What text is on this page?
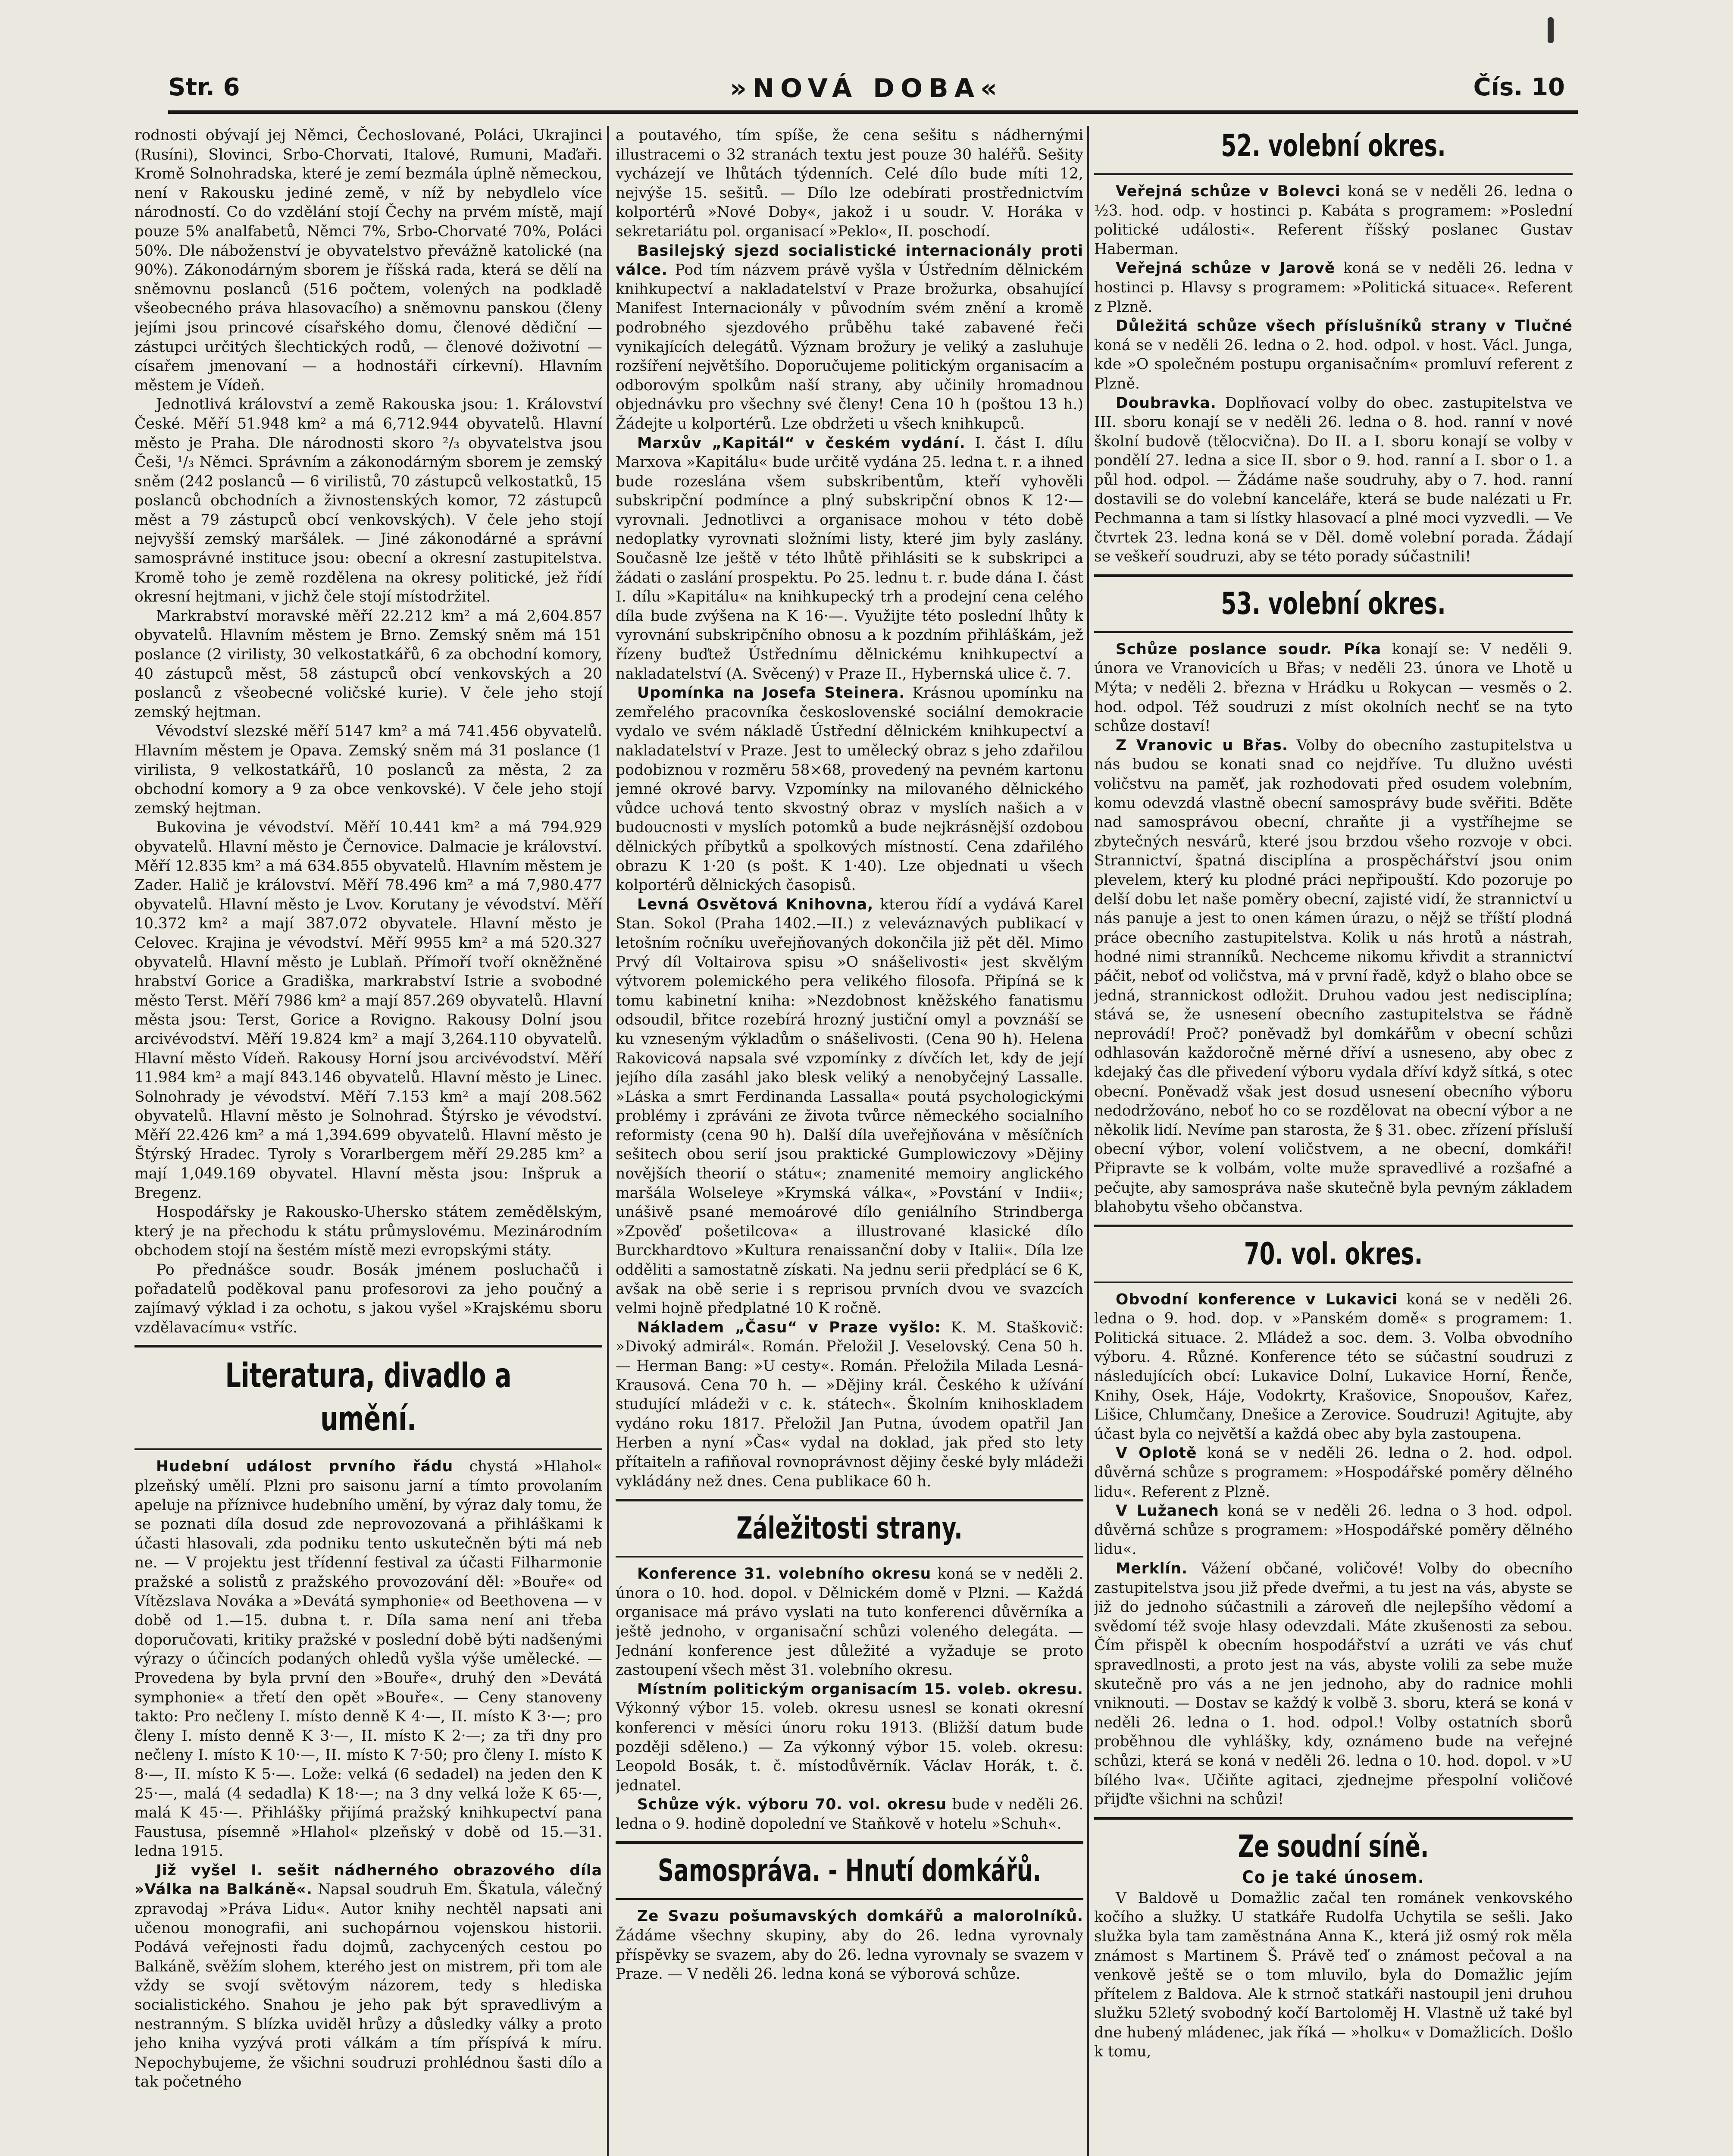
Str. 6	»NOVÁ DOBA«	Čís. 10

rodnosti obývají jej Němci, Čechoslované, Poláci, Ukrajinci (Rusíni), Slovinci, Srbo-Chorvati, Italové, Rumuni, Maďaři. Kromě Solnohradska, které je zemí bezmála úplně německou, není v Rakousku jediné země, v níž by nebydlelo více národností. Co do vzdělání stojí Čechy na prvém místě, mají pouze 5% analfabetů, Němci 7%, Srbo-Chorvaté 70%, Poláci 50%. Dle náboženství je obyvatelstvo převážně katolické (na 90%). Zákonodárným sborem je říšská rada, která se dělí na sněmovnu poslanců (516 počtem, volených na podkladě všeobecného práva hlasovacího) a sněmovnu panskou (členy jejími jsou princové císařského domu, členové dědiční — zástupci určitých šlechtických rodů, — členové doživotní — císařem jmenovaní — a hodnostáři církevní). Hlavním městem je Vídeň.

Jednotlivá království a země Rakouska jsou: 1. Království České. Měří 51.948 km² a má 6,712.944 obyvatelů. Hlavní město je Praha. Dle národnosti skoro ²/₃ obyvatelstva jsou Češi, ¹/₃ Němci. Správním a zákonodárným sborem je zemský sněm (242 poslanců — 6 virilistů, 70 zástupců velkostatků, 15 poslanců obchodních a živnostenských komor, 72 zástupců měst a 79 zástupců obcí venkovských). V čele jeho stojí nejvyšší zemský maršálek. — Jiné zákonodárné a správní samosprávné instituce jsou: obecní a okresní zastupitelstva. Kromě toho je země rozdělena na okresy politické, jež řídí okresní hejtmani, v jichž čele stojí místodržitel.

Markrabství moravské měří 22.212 km² a má 2,604.857 obyvatelů. Hlavním městem je Brno. Zemský sněm má 151 poslance (2 virilisty, 30 velkostatkářů, 6 za obchodní komory, 40 zástupců měst, 58 zástupců obcí venkovských a 20 poslanců z všeobecné voličské kurie). V čele jeho stojí zemský hejtman.

Vévodství slezské měří 5147 km² a má 741.456 obyvatelů. Hlavním městem je Opava. Zemský sněm má 31 poslance (1 virilista, 9 velkostatkářů, 10 poslanců za města, 2 za obchodní komory a 9 za obce venkovské). V čele jeho stojí zemský hejtman.

Bukovina je vévodství. Měří 10.441 km² a má 794.929 obyvatelů. Hlavní město je Černovice. Dalmacie je království. Měří 12.835 km² a má 634.855 obyvatelů. Hlavním městem je Zader. Halič je království. Měří 78.496 km² a má 7,980.477 obyvatelů. Hlavní město je Lvov. Korutany je vévodství. Měří 10.372 km² a mají 387.072 obyvatele. Hlavní město je Celovec. Krajina je vévodství. Měří 9955 km² a má 520.327 obyvatelů. Hlavní město je Lublaň. Přímoří tvoří okněžněné hrabství Gorice a Gradiška, markrabství Istrie a svobodné město Terst. Měří 7986 km² a mají 857.269 obyvatelů. Hlavní města jsou: Terst, Gorice a Rovigno. Rakousy Dolní jsou arcivévodství. Měří 19.824 km² a mají 3,264.110 obyvatelů. Hlavní město Vídeň. Rakousy Horní jsou arcivévodství. Měří 11.984 km² a mají 843.146 obyvatelů. Hlavní město je Linec. Solnohrady je vévodství. Měří 7.153 km² a mají 208.562 obyvatelů. Hlavní město je Solnohrad. Štýrsko je vévodství. Měří 22.426 km² a má 1,394.699 obyvatelů. Hlavní město je Štýrský Hradec. Tyroly s Vorarlbergem měří 29.285 km² a mají 1,049.169 obyvatel. Hlavní města jsou: Inšpruk a Bregenz.

Hospodářsky je Rakousko-Uhersko státem zemědělským, který je na přechodu k státu průmyslovému. Mezinárodním obchodem stojí na šestém místě mezi evropskými státy.

Po přednášce soudr. Bosák jménem posluchačů i pořadatelů poděkoval panu profesorovi za jeho poučný a zajímavý výklad i za ochotu, s jakou vyšel »Krajskému sboru vzdělavacímu« vstříc.

Literatura, divadlo a umění.

Hudební událost prvního řádu chystá »Hlahol« plzeňský umělí. Plzni pro saisonu jarní a tímto provolaním apeluje na příznivce hudebního umění, by výraz daly tomu, že se poznati díla dosud zde neprovozovaná a přihláškami k účasti hlasovali, zda podniku tento uskutečněn býti má neb ne. — V projektu jest třídenní festival za účasti Filharmonie pražské a solistů z pražského provozování děl: »Bouře« od Vítězslava Nováka a »Devátá symphonie« od Beethovena — v době od 1.—15. dubna t. r. Díla sama není ani třeba doporučovati, kritiky pražské v poslední době býti nadšenými výrazy o účincích podaných ohledů vyšla výše umělecké. — Provedena by byla první den »Bouře«, druhý den »Devátá symphonie« a třetí den opět »Bouře«. — Ceny stanoveny takto: Pro nečleny I. místo denně K 4·—, II. místo K 3·—; pro členy I. místo denně K 3·—, II. místo K 2·—; za tři dny pro nečleny I. místo K 10·—, II. místo K 7·50; pro členy I. místo K 8·—, II. místo K 5·—. Lože: velká (6 sedadel) na jeden den K 25·—, malá (4 sedadla) K 18·—; na 3 dny velká lože K 65·—, malá K 45·—. Přihlášky přijímá pražský knihkupectví pana Faustusa, písemně »Hlahol« plzeňský v době od 15.—31. ledna 1915.

Již vyšel I. sešit nádherného obrazového díla »Válka na Balkáně«. Napsal soudruh Em. Škatula, válečný zpravodaj »Práva Lidu«. Autor knihy nechtěl napsati ani učenou monografii, ani suchopárnou vojenskou historii. Podává veřejnosti řadu dojmů, zachycených cestou po Balkáně, svěžím slohem, kterého jest on mistrem, při tom ale vždy se svojí světovým názorem, tedy s hlediska socialistického. Snahou je jeho pak být spravedlivým a nestranným. S blízka uviděl hrůzy a důsledky války a proto jeho kniha vyzývá proti válkám a tím příspívá k míru. Nepochybujeme, že všichni soudruzi prohlédnou šasti dílo a tak početného

a poutavého, tím spíše, že cena sešitu s nádhernými illustracemi o 32 stranách textu jest pouze 30 haléřů. Sešity vycházejí ve lhůtách týdenních. Celé dílo bude míti 12, nejvýše 15. sešitů. — Dílo lze odebírati prostřednictvím kolportérů »Nové Doby«, jakož i u soudr. V. Horáka v sekretariátu pol. organisací »Peklo«, II. poschodí.

Basilejský sjezd socialistické internacionály proti válce. Pod tím názvem právě vyšla v Ústředním dělnickém knihkupectví a nakladatelství v Praze brožurka, obsahující Manifest Internacionály v původním svém znění a kromě podrobného sjezdového průběhu také zabavené řeči vynikajících delegátů. Význam brožury je veliký a zasluhuje rozšíření největšího. Doporučujeme politickým organisacím a odborovým spolkům naší strany, aby učinily hromadnou objednávku pro všechny své členy! Cena 10 h (poštou 13 h.) Žádejte u kolportérů. Lze obdržeti u všech knihkupců.

Marxův „Kapitál“ v českém vydání. I. část I. dílu Marxova »Kapitálu« bude určitě vydána 25. ledna t. r. a ihned bude rozeslána všem subskribentům, kteří vyhověli subskripční podmínce a plný subskripční obnos K 12·— vyrovnali. Jednotlivci a organisace mohou v této době nedoplatky vyrovnati složními listy, které jim byly zaslány. Současně lze ještě v této lhůtě přihlásiti se k subskripci a žádati o zaslání prospektu. Po 25. lednu t. r. bude dána I. část I. dílu »Kapitálu« na knihkupecký trh a prodejní cena celého díla bude zvýšena na K 16·—. Využijte této poslední lhůty k vyrovnání subskripčního obnosu a k pozdním přihláškám, jež řízeny buďtež Ústřednímu dělnickému knihkupectví a nakladatelství (A. Svěcený) v Praze II., Hybernská ulice č. 7.

Upomínka na Josefa Steinera. Krásnou upomínku na zemřelého pracovníka československé sociální demokracie vydalo ve svém nákladě Ústřední dělnickém knihkupectví a nakladatelství v Praze. Jest to umělecký obraz s jeho zdařilou podobiznou v rozměru 58×68, provedený na pevném kartonu jemné okrové barvy. Vzpomínky na milovaného dělnického vůdce uchová tento skvostný obraz v myslích našich a v budoucnosti v myslích potomků a bude nejkrásnější ozdobou dělnických příbytků a spolkových místností. Cena zdařilého obrazu K 1·20 (s pošt. K 1·40). Lze objednati u všech kolportérů dělnických časopisů.

Levná Osvětová Knihovna, kterou řídí a vydává Karel Stan. Sokol (Praha 1402.—II.) z veleváznavých publikací v letošním ročníku uveřejňovaných dokončila již pět děl. Mimo Prvý díl Voltairova spisu »O snášelivosti« jest skvělým výtvorem polemického pera velikého filosofa. Připíná se k tomu kabinetní kniha: »Nezdobnost kněžského fanatismu odsoudil, břitce rozebírá hrozný justiční omyl a povznáší se ku vzneseným výkladům o snášelivosti. (Cena 90 h). Helena Rakovicová napsala své vzpomínky z dívčích let, kdy de její jejího díla zasáhl jako blesk veliký a nenobyčejný Lassalle. »Láska a smrt Ferdinanda Lassalla« poutá psychologickými problémy i zpráváni ze života tvůrce německého socialního reformisty (cena 90 h). Další díla uveřejňována v měsíčních sešitech obou serií jsou praktické Gumplowiczovy »Dějiny novějších theorií o státu«; znamenité memoiry anglického maršála Wolseleye »Krymská válka«, »Povstání v Indii«; unášivě psané memoárové dílo geniálního Strindberga »Zpověď pošetilcova« a illustrované klasické dílo Burckhardtovo »Kultura renaissanční doby v Italii«. Díla lze odděliti a samostatně získati. Na jednu serii předplácí se 6 K, avšak na obě serie i s reprisou prvních dvou ve svazcích velmi hojně předplatné 10 K ročně.

Nákladem „Času“ v Praze vyšlo: K. M. Staškovič: »Divoký admirál«. Román. Přeložil J. Veselovský. Cena 50 h. — Herman Bang: »U cesty«. Román. Přeložila Milada Lesná-Krausová. Cena 70 h. — »Dějiny král. Českého k užívání studující mládeži v c. k. státech«. Školním knihoskladem vydáno roku 1817. Přeložil Jan Putna, úvodem opatřil Jan Herben a nyní »Čas« vydal na doklad, jak před sto lety přítaiteln a rafiňoval rovnoprávnost dějiny české byly mládeži vykládány než dnes. Cena publikace 60 h.

Záležitosti strany.

Konference 31. volebního okresu koná se v neděli 2. února o 10. hod. dopol. v Dělnickém domě v Plzni. — Každá organisace má právo vyslati na tuto konferenci důvěrníka a ještě jednoho, v organisační schůzi voleného delegáta. — Jednání konference jest důležité a vyžaduje se proto zastoupení všech měst 31. volebního okresu.

Místním politickým organisacím 15. voleb. okresu. Výkonný výbor 15. voleb. okresu usnesl se konati okresní konferenci v měsíci únoru roku 1913. (Bližší datum bude později sděleno.) — Za výkonný výbor 15. voleb. okresu: Leopold Bosák, t. č. místodůvěrník. Václav Horák, t. č. jednatel.

Schůze výk. výboru 70. vol. okresu bude v neděli 26. ledna o 9. hodině dopolední ve Staňkově v hotelu »Schuh«.

Samospráva. - Hnutí domkářů.

Ze Svazu pošumavských domkářů a malorolníků. Žádáme všechny skupiny, aby do 26. ledna vyrovnaly příspěvky se svazem, aby do 26. ledna vyrovnaly se svazem v Praze. — V neděli 26. ledna koná se výborová schůze.

52. volební okres.

Veřejná schůze v Bolevci koná se v neděli 26. ledna o ½3. hod. odp. v hostinci p. Kabáta s programem: »Poslední politické události«. Referent říšský poslanec Gustav Haberman.

Veřejná schůze v Jarově koná se v neděli 26. ledna v hostinci p. Hlavsy s programem: »Politická situace«. Referent z Plzně.

Důležitá schůze všech příslušníků strany v Tlučné koná se v neděli 26. ledna o 2. hod. odpol. v host. Václ. Junga, kde »O společném postupu organisačním« promluví referent z Plzně.

Doubravka. Doplňovací volby do obec. zastupitelstva ve III. sboru konají se v neděli 26. ledna o 8. hod. ranní v nové školní budově (tělocvična). Do II. a I. sboru konají se volby v pondělí 27. ledna a sice II. sbor o 9. hod. ranní a I. sbor o 1. a půl hod. odpol. — Žádáme naše soudruhy, aby o 7. hod. ranní dostavili se do volební kanceláře, která se bude nalézati u Fr. Pechmanna a tam si lístky hlasovací a plné moci vyzvedli. — Ve čtvrtek 23. ledna koná se v Děl. domě volební porada. Žádají se veškeří soudruzi, aby se této porady súčastnili!

53. volební okres.

Schůze poslance soudr. Píka konají se: V neděli 9. února ve Vranovicích u Břas; v neděli 23. února ve Lhotě u Mýta; v neděli 2. března v Hrádku u Rokycan — vesměs o 2. hod. odpol. Též soudruzi z míst okolních nechť se na tyto schůze dostaví!

Z Vranovic u Břas. Volby do obecního zastupitelstva u nás budou se konati snad co nejdříve. Tu dlužno uvésti voličstvu na paměť, jak rozhodovati před osudem volebním, komu odevzdá vlastně obecní samosprávy bude svěřiti. Bděte nad samosprávou obecní, chraňte ji a vystříhejme se zbytečných nesvárů, které jsou brzdou všeho rozvoje v obci. Strannictví, špatná disciplína a prospěchářství jsou onim plevelem, který ku plodné práci nepřipouští. Kdo pozoruje po delší dobu let naše poměry obecní, zajisté vidí, že strannictví u nás panuje a jest to onen kámen úrazu, o nějž se tříští plodná práce obecního zastupitelstva. Kolik u nás hrotů a nástrah, hodné nimi stranníků. Nechceme nikomu křivdit a strannictví páčit, neboť od voličstva, má v první řadě, když o blaho obce se jedná, strannickost odložit. Druhou vadou jest nedisciplína; stává se, že usnesení obecního zastupitelstva se řádně neprovádí! Proč? poněvadž byl domkářům v obecní schůzi odhlasován každoročně měrné dříví a usneseno, aby obec z kdejaký čas dle přivedení výboru vydala dříví když sítká, s otec obecní. Poněvadž však jest dosud usnesení obecního výboru nedodržováno, neboť ho co se rozdělovat na obecní výbor a ne několik lidí. Nevíme pan starosta, že § 31. obec. zřízení přísluší obecní výbor, volení voličstvem, a ne obecní, domkáři! Připravte se k volbám, volte muže spravedlivé a rozšafné a pečujte, aby samospráva naše skutečně byla pevným základem blahobytu všeho občanstva.

70. vol. okres.

Obvodní konference v Lukavici koná se v neděli 26. ledna o 9. hod. dop. v »Panském domě« s programem: 1. Politická situace. 2. Mládež a soc. dem. 3. Volba obvodního výboru. 4. Různé. Konference této se súčastní soudruzi z následujících obcí: Lukavice Dolní, Lukavice Horní, Řenče, Knihy, Osek, Háje, Vodokrty, Krašovice, Snopoušov, Kařez, Lišice, Chlumčany, Dnešice a Zerovice. Soudruzi! Agitujte, aby účast byla co největší a každá obec aby byla zastoupena.

V Oplotě koná se v neděli 26. ledna o 2. hod. odpol. důvěrná schůze s programem: »Hospodářské poměry dělného lidu«. Referent z Plzně.

V Lužanech koná se v neděli 26. ledna o 3 hod. odpol. důvěrná schůze s programem: »Hospodářské poměry dělného lidu«.

Merklín. Vážení občané, voličové! Volby do obecního zastupitelstva jsou již přede dveřmi, a tu jest na vás, abyste se již do jednoho súčastnili a zároveň dle nejlepšího vědomí a svědomí též svoje hlasy odevzdali. Máte zkušenosti za sebou. Čím přispěl k obecním hospodářství a uzráti ve vás chuť spravedlnosti, a proto jest na vás, abyste volili za sebe muže skutečně pro vás a ne jen jednoho, aby do radnice mohli vniknouti. — Dostav se každý k volbě 3. sboru, která se koná v neděli 26. ledna o 1. hod. odpol.! Volby ostatních sborů proběhnou dle vyhlášky, kdy, oznámeno bude na veřejné schůzi, která se koná v neděli 26. ledna o 10. hod. dopol. v »U bílého lva«. Učiňte agitaci, zjednejme přespolní voličové přijďte všichni na schůzi!

Ze soudní síně.
Co je také únosem.

V Baldově u Domažlic začal ten románek venkovského kočího a služky. U statkáře Rudolfa Uchytila se sešli. Jako služka byla tam zaměstnána Anna K., která již osmý rok měla známost s Martinem Š. Právě teď o známost pečoval a na venkově ještě se o tom mluvilo, byla do Domažlic jejím přítelem z Baldova. Ale k strnoč statkáři nastoupil jeni druhou služku 52letý svobodný kočí Bartoloměj H. Vlastně už také byl dne hubený mládenec, jak říká — »holku« v Domažlicích. Došlo k tomu,
